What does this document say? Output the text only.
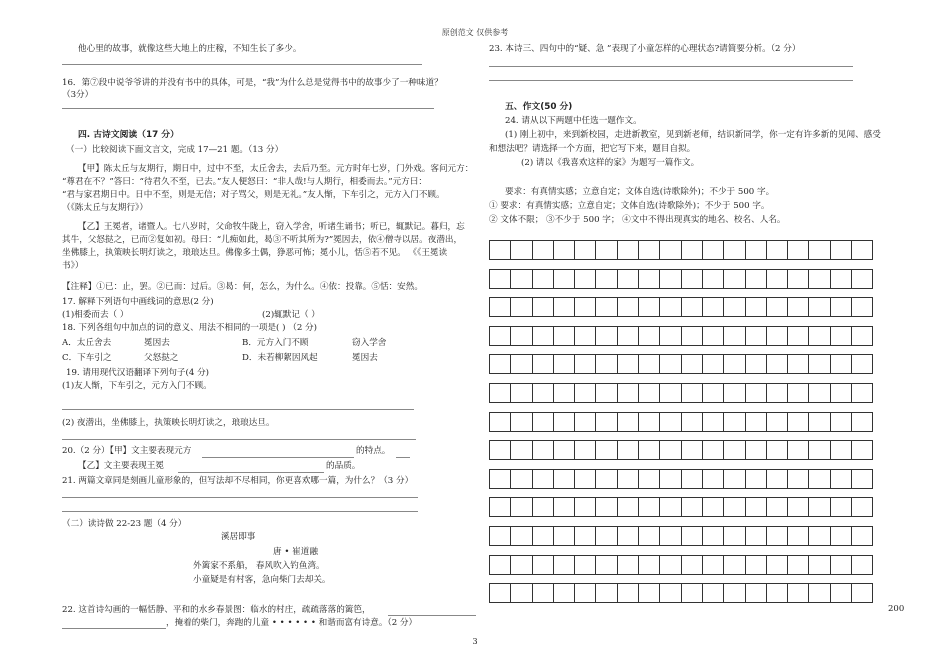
原创范文 仅供参考
他心里的故事，就像这些大地上的庄稼，不知生长了多少。
16．第⑦段中说爷爷讲的并没有书中的具体，可是，“我”为什么总是觉得书中的故事少了一种味道？
（3分）
四. 古诗文阅读（17 分）
（一）比较阅读下面文言文，完成 17—21 题。（13 分）
【甲】陈太丘与友期行，期日中，过中不至，太丘舍去，去后乃至。元方时年七岁，门外戏。客问元方：
“尊君在不？”答曰：“待君久不至，已去。”友人便怒曰：“非人哉!与人期行，相委而去。”元方曰：
“君与家君期日中。日中不至，则是无信；对子骂父，则是无礼。”友人惭，下车引之，元方入门不顾。
（《陈太丘与友期行》）
【乙】王冕者，诸暨人。七八岁时，父命牧牛陇上，窃入学舍，听诸生诵书；听已，辄默记。暮归，忘
其牛，父怒挞之，已而②复如初。母曰：“儿痴如此，曷③不听其所为?”冕因去，依④僧寺以居。夜潜出，
坐佛膝上，执策映长明灯读之，琅琅达旦。佛像多土偶，狰恶可怖；冕小儿，恬⑤若不见。 《《王冕读
书》）
【注释】①已：止，罢。②已而：过后。③曷：何，怎么，为什么。④依：投靠。⑤恬：安然。
17. 解释下列语句中画线词的意思(2 分)
(1)相委而去（ ）	(2)辄默记（ ）
18. 下列各组句中加点的词的意义、用法不相同的一项是( ) （2 分)
A．太丘舍去	冕因去	B．元方入门不顾	窃入学舍
C．下车引之	父怒挞之	D．未若柳絮因风起	冕因去
19. 请用现代汉语翻译下列句子(4 分)
(1)友人惭，下车引之，元方入门不顾。
(2) 夜潜出，坐佛膝上，执策映长明灯读之，琅琅达旦。
20.（2 分）【甲】文主要表现元方	的特点。
【乙】文主要表现王冕	的品质。
21. 两篇文章同是刻画儿童形象的，但写法却不尽相同，你更喜欢哪一篇，为什么？（3 分）
（二）读诗做 22-23 题（4 分）
溪居即事
唐 • 崔道融
外篱家不系船， 春风吹入钓鱼湾。
小童疑是有村客，急向柴门去却关。
22. 这首诗勾画的一幅恬静、平和的水乡春景图：临水的村庄，疏疏落落的篱笆，
，掩着的柴门，奔跑的儿童 • • • • • • 和谐而富有诗意。（2 分）
23. 本诗三、四句中的“疑、急 ”表现了小童怎样的心理状态?请简要分析。（2 分）
五、作文(50 分)
24. 请从以下两题中任选一题作文。
(1) 刚上初中，来到新校园，走进新教室，见到新老师，结识新同学，你一定有许多新的见闻、感受
和想法吧？请选择一个方面，把它写下来，题目自拟。
(2) 请以《我喜欢这样的家》为题写一篇作文。
要求：有真情实感；立意自定；文体自选(诗歌除外)；不少于 500 字。
① 要求：有真情实感；立意自定；文体自选(诗歌除外)；不少于 500 字。
② 文体不限； ③不少于 500 字； ④文中不得出现真实的地名、校名、人名。
200
3
